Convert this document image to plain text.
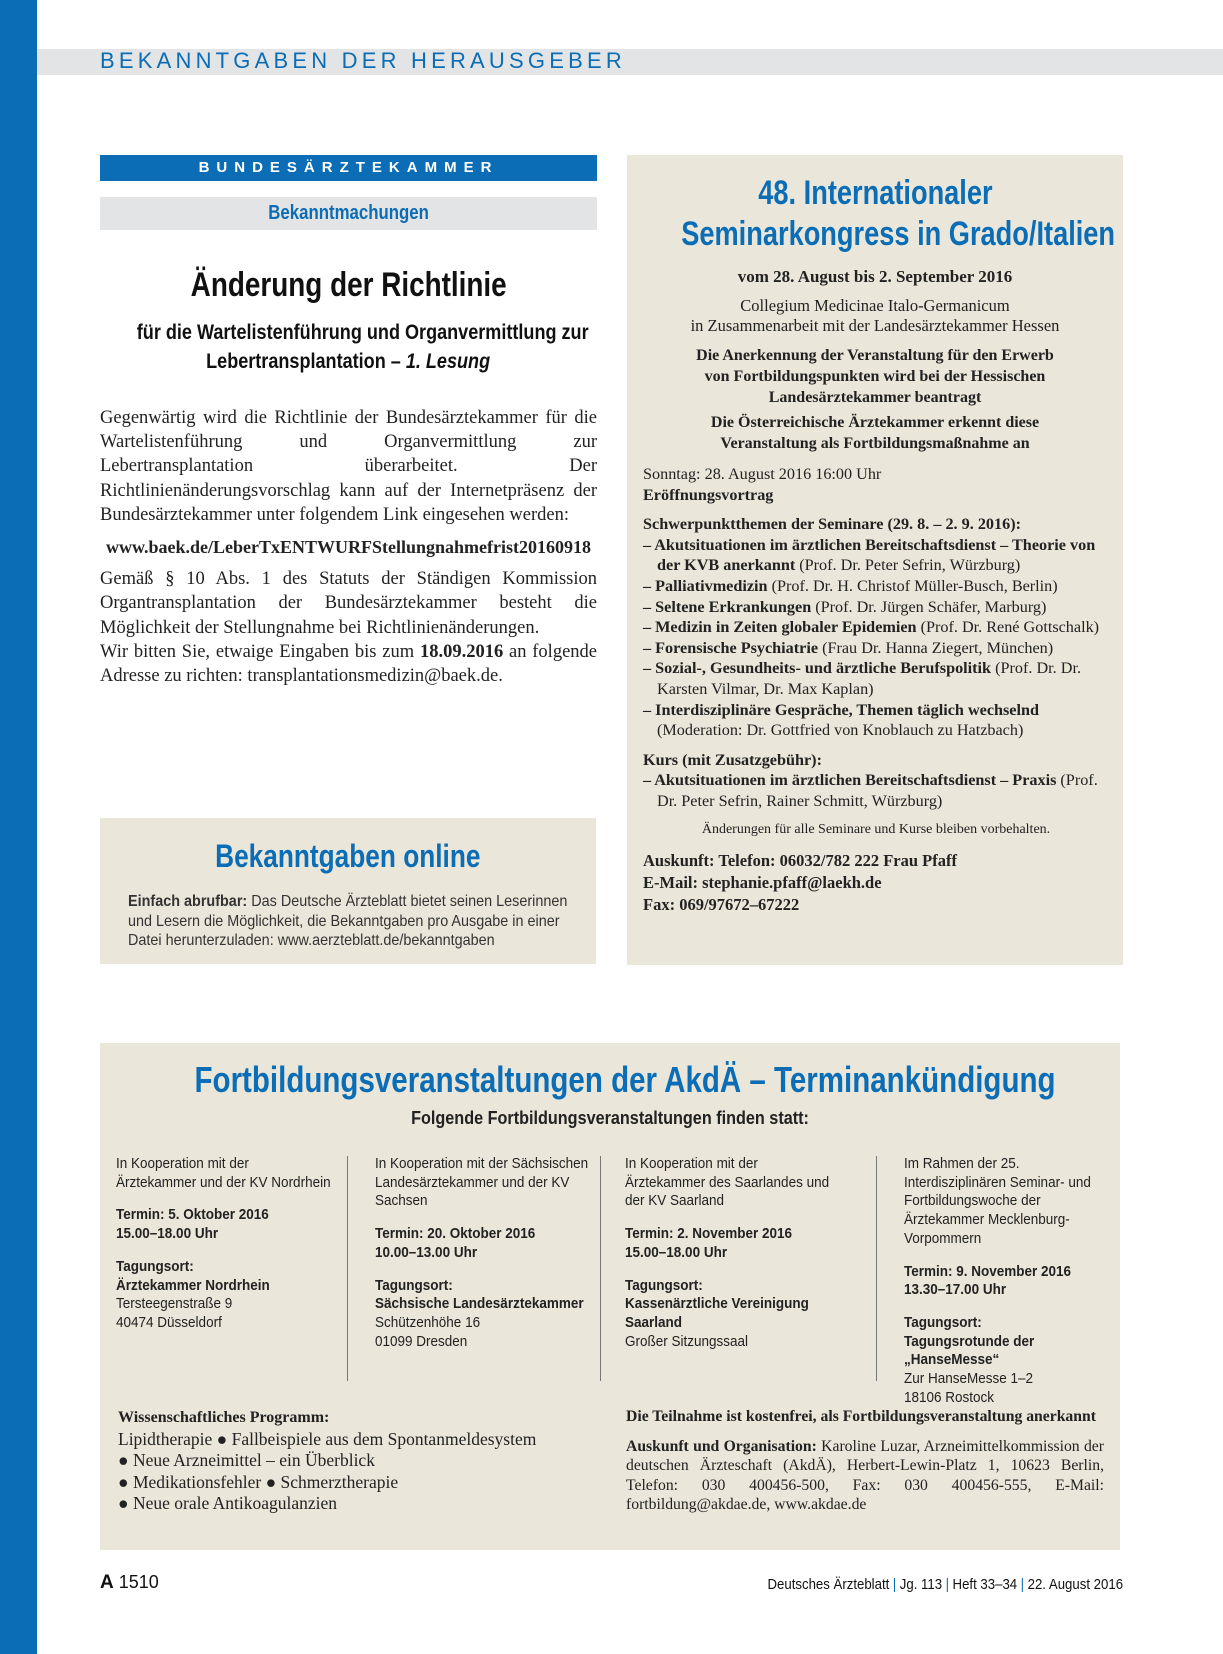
BEKANNTGABEN DER HERAUSGEBER
BUNDESÄRZTEKAMMER
Bekanntmachungen
Änderung der Richtlinie
für die Wartelistenführung und Organvermittlung zur
Lebertransplantation – 1. Lesung

Gegenwärtig wird die Richtlinie der Bundesärztekammer für die Wartelistenführung und Organvermittlung zur Lebertransplantation überarbeitet. Der Richtlinienänderungsvorschlag kann auf der Internetpräsenz der Bundesärztekammer unter folgendem Link eingesehen werden:

www.baek.de/LeberTxENTWURFStellungnahmefrist20160918

Gemäß § 10 Abs. 1 des Statuts der Ständigen Kommission Organtransplantation der Bundesärztekammer besteht die Möglichkeit der Stellungnahme bei Richtlinienänderungen.

Wir bitten Sie, etwaige Eingaben bis zum 18.09.2016 an folgende Adresse zu richten: transplantationsmedizin@baek.de.

Bekanntgaben online
Einfach abrufbar: Das Deutsche Ärzteblatt bietet seinen Leserinnen und Lesern die Möglichkeit, die Bekanntgaben pro Ausgabe in einer Datei herunterzuladen: www.aerzteblatt.de/bekanntgaben
48. Internationaler
Seminarkongress in Grado/Italien
vom 28. August bis 2. September 2016
Collegium Medicinae Italo-Germanicum
in Zusammenarbeit mit der Landesärztekammer Hessen
Die Anerkennung der Veranstaltung für den Erwerb
von Fortbildungspunkten wird bei der Hessischen
Landesärztekammer beantragt
Die Österreichische Ärztekammer erkennt diese
Veranstaltung als Fortbildungsmaßnahme an
Sonntag: 28. August 2016 16:00 Uhr
Eröffnungsvortrag
Schwerpunktthemen der Seminare (29. 8. – 2. 9. 2016):
– Akutsituationen im ärztlichen Bereitschaftsdienst – Theorie von der KVB anerkannt (Prof. Dr. Peter Sefrin, Würzburg)
– Palliativmedizin (Prof. Dr. H. Christof Müller-Busch, Berlin)
– Seltene Erkrankungen (Prof. Dr. Jürgen Schäfer, Marburg)
– Medizin in Zeiten globaler Epidemien (Prof. Dr. René Gottschalk)
– Forensische Psychiatrie (Frau Dr. Hanna Ziegert, München)
– Sozial-, Gesundheits- und ärztliche Berufspolitik (Prof. Dr. Dr. Karsten Vilmar, Dr. Max Kaplan)
– Interdisziplinäre Gespräche, Themen täglich wechselnd (Moderation: Dr. Gottfried von Knoblauch zu Hatzbach)
Kurs (mit Zusatzgebühr):
– Akutsituationen im ärztlichen Bereitschaftsdienst – Praxis (Prof. Dr. Peter Sefrin, Rainer Schmitt, Würzburg)
Änderungen für alle Seminare und Kurse bleiben vorbehalten.
Auskunft: Telefon: 06032/782 222 Frau Pfaff
E-Mail: stephanie.pfaff@laekh.de
Fax: 069/97672–67222
Fortbildungsveranstaltungen der AkdÄ – Terminankündigung
Folgende Fortbildungsveranstaltungen finden statt:
In Kooperation mit der Ärztekammer und der KV Nordrhein
Termin: 5. Oktober 2016
15.00–18.00 Uhr
Tagungsort:
Ärztekammer Nordrhein
Tersteegenstraße 9
40474 Düsseldorf
In Kooperation mit der Sächsischen Landesärztekammer und der KV Sachsen
Termin: 20. Oktober 2016
10.00–13.00 Uhr
Tagungsort:
Sächsische Landesärztekammer
Schützenhöhe 16
01099 Dresden
In Kooperation mit der Ärztekammer des Saarlandes und der KV Saarland
Termin: 2. November 2016
15.00–18.00 Uhr
Tagungsort:
Kassenärztliche Vereinigung Saarland
Großer Sitzungssaal
Im Rahmen der 25. Interdisziplinären Seminar- und Fortbildungswoche der Ärztekammer Mecklenburg-Vorpommern
Termin: 9. November 2016
13.30–17.00 Uhr
Tagungsort:
Tagungsrotunde der „HanseMesse“
Zur HanseMesse 1–2
18106 Rostock
Wissenschaftliches Programm:
Lipidtherapie ● Fallbeispiele aus dem Spontanmeldesystem
● Neue Arzneimittel – ein Überblick
● Medikationsfehler ● Schmerztherapie
● Neue orale Antikoagulanzien
Die Teilnahme ist kostenfrei, als Fortbildungsveranstaltung anerkannt
Auskunft und Organisation: Karoline Luzar, Arzneimittelkommission der deutschen Ärzteschaft (AkdÄ), Herbert-Lewin-Platz 1, 10623 Berlin, Telefon: 030 400456-500, Fax: 030 400456-555, E-Mail: fortbildung@akdae.de, www.akdae.de
A 1510	Deutsches Ärzteblatt | Jg. 113 | Heft 33–34 | 22. August 2016
